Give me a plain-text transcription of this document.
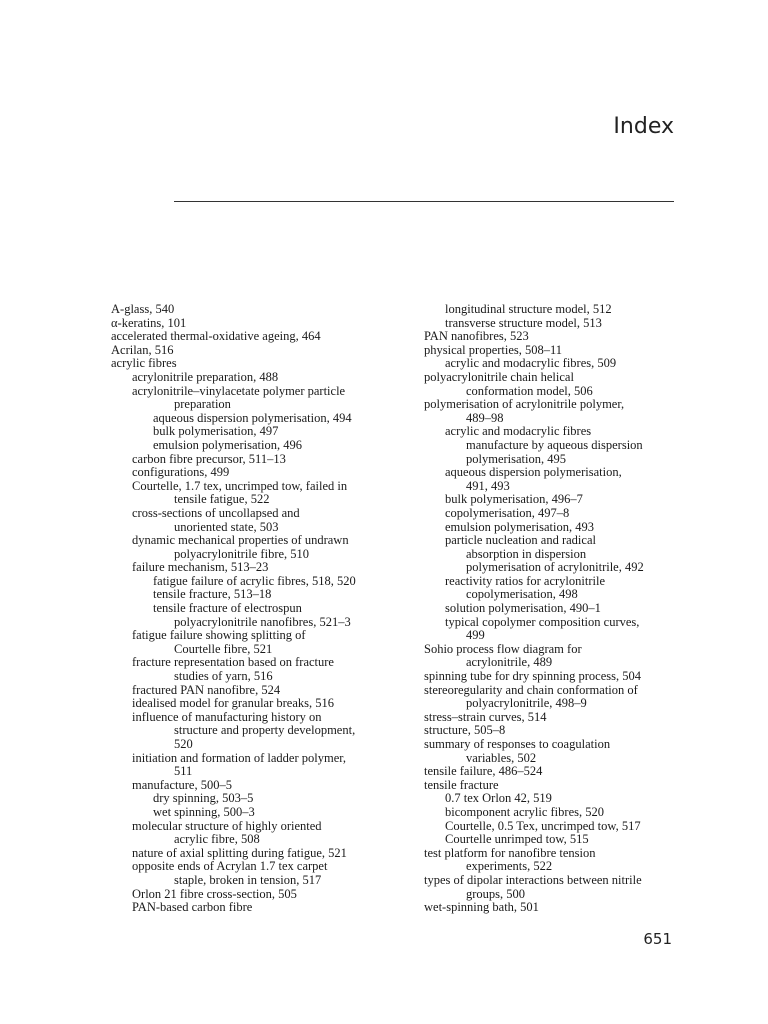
Index
A-glass, 540
α-keratins, 101
accelerated thermal-oxidative ageing, 464
Acrilan, 516
acrylic fibres
acrylonitrile preparation, 488
acrylonitrile–vinylacetate polymer particle
preparation
aqueous dispersion polymerisation, 494
bulk polymerisation, 497
emulsion polymerisation, 496
carbon fibre precursor, 511–13
configurations, 499
Courtelle, 1.7 tex, uncrimped tow, failed in
tensile fatigue, 522
cross-sections of uncollapsed and
unoriented state, 503
dynamic mechanical properties of undrawn
polyacrylonitrile fibre, 510
failure mechanism, 513–23
fatigue failure of acrylic fibres, 518, 520
tensile fracture, 513–18
tensile fracture of electrospun
polyacrylonitrile nanofibres, 521–3
fatigue failure showing splitting of
Courtelle fibre, 521
fracture representation based on fracture
studies of yarn, 516
fractured PAN nanofibre, 524
idealised model for granular breaks, 516
influence of manufacturing history on
structure and property development,
520
initiation and formation of ladder polymer,
511
manufacture, 500–5
dry spinning, 503–5
wet spinning, 500–3
molecular structure of highly oriented
acrylic fibre, 508
nature of axial splitting during fatigue, 521
opposite ends of Acrylan 1.7 tex carpet
staple, broken in tension, 517
Orlon 21 fibre cross-section, 505
PAN-based carbon fibre
longitudinal structure model, 512
transverse structure model, 513
PAN nanofibres, 523
physical properties, 508–11
acrylic and modacrylic fibres, 509
polyacrylonitrile chain helical
conformation model, 506
polymerisation of acrylonitrile polymer,
489–98
acrylic and modacrylic fibres
manufacture by aqueous dispersion
polymerisation, 495
aqueous dispersion polymerisation,
491, 493
bulk polymerisation, 496–7
copolymerisation, 497–8
emulsion polymerisation, 493
particle nucleation and radical
absorption in dispersion
polymerisation of acrylonitrile, 492
reactivity ratios for acrylonitrile
copolymerisation, 498
solution polymerisation, 490–1
typical copolymer composition curves,
499
Sohio process flow diagram for
acrylonitrile, 489
spinning tube for dry spinning process, 504
stereoregularity and chain conformation of
polyacrylonitrile, 498–9
stress–strain curves, 514
structure, 505–8
summary of responses to coagulation
variables, 502
tensile failure, 486–524
tensile fracture
0.7 tex Orlon 42, 519
bicomponent acrylic fibres, 520
Courtelle, 0.5 Tex, uncrimped tow, 517
Courtelle unrimped tow, 515
test platform for nanofibre tension
experiments, 522
types of dipolar interactions between nitrile
groups, 500
wet-spinning bath, 501
651
